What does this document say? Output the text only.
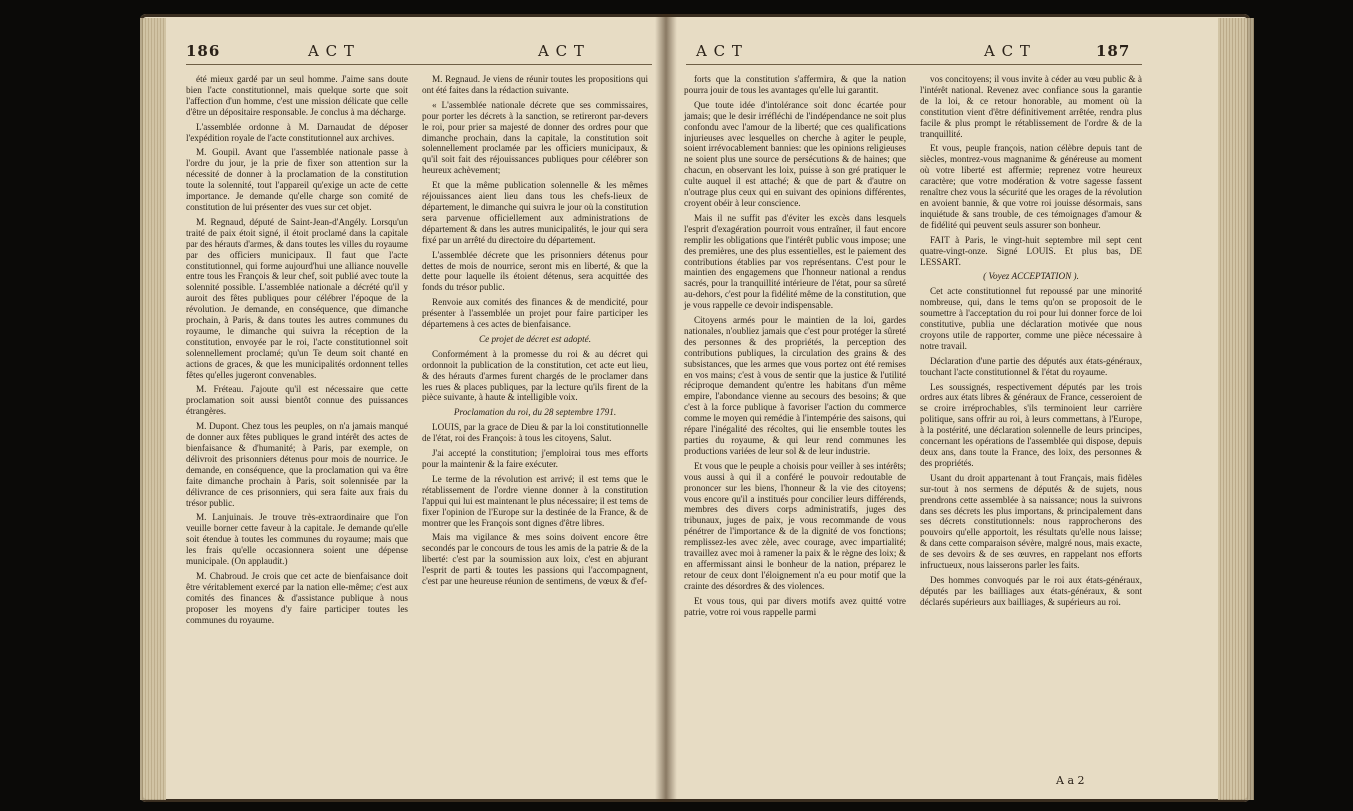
186	A C T	A C T

été mieux gardé par un seul homme. J'aime sans doute bien l'acte constitutionnel, mais quelque sorte que soit l'affection d'un homme, c'est une mission délicate que celle d'être un dépositaire responsable. Je conclus à ma décharge.

L'assemblée ordonne à M. Darnaudat de déposer l'expédition royale de l'acte constitutionnel aux archives.

M. Goupil. Avant que l'assemblée nationale passe à l'ordre du jour, je la prie de fixer son attention sur la nécessité de donner à la proclamation de la constitution toute la solennité, tout l'appareil qu'exige un acte de cette importance. Je demande qu'elle charge son comité de constitution de lui présenter des vues sur cet objet.

M. Regnaud, député de Saint-Jean-d'Angély. Lorsqu'un traité de paix étoit signé, il étoit proclamé dans la capitale par des hérauts d'armes, & dans toutes les villes du royaume par des officiers municipaux. Il faut que l'acte constitutionnel, qui forme aujourd'hui une alliance nouvelle entre tous les François & leur chef, soit publié avec toute la solennité possible. L'assemblée nationale a décrété qu'il y auroit des fêtes publiques pour célébrer l'époque de la révolution. Je demande, en conséquence, que dimanche prochain, à Paris, & dans toutes les autres communes du royaume, le dimanche qui suivra la réception de la constitution, envoyée par le roi, l'acte constitutionnel soit solennellement proclamé; qu'un Te deum soit chanté en actions de graces, & que les municipalités ordonnent telles fêtes qu'elles jugeront convenables.

M. Fréteau. J'ajoute qu'il est nécessaire que cette proclamation soit aussi bientôt connue des puissances étrangères.

M. Dupont. Chez tous les peuples, on n'a jamais manqué de donner aux fêtes publiques le grand intérêt des actes de bienfaisance & d'humanité; à Paris, par exemple, on délivroit des prisonniers détenus pour mois de nourrice. Je demande, en conséquence, que la proclamation qui va être faite dimanche prochain à Paris, soit solennisée par la délivrance de ces prisonniers, qui sera faite aux frais du trésor public.

M. Lanjuinais. Je trouve très-extraordinaire que l'on veuille borner cette faveur à la capitale. Je demande qu'elle soit étendue à toutes les communes du royaume; mais que les frais qu'elle occasionnera soient une dépense municipale. (On applaudit.)

M. Chabroud. Je crois que cet acte de bienfaisance doit être véritablement exercé par la nation elle-même; c'est aux comités des finances & d'assistance publique à nous proposer les moyens d'y faire participer toutes les communes du royaume.

M. Regnaud. Je viens de réunir toutes les propositions qui ont été faites dans la rédaction suivante.

« L'assemblée nationale décrete que ses commissaires, pour porter les décrets à la sanction, se retireront par-devers le roi, pour prier sa majesté de donner des ordres pour que dimanche prochain, dans la capitale, la constitution soit solennellement proclamée par les officiers municipaux, & qu'il soit fait des réjouissances publiques pour célébrer son heureux achèvement;

Et que la même publication solennelle & les mêmes réjouissances aient lieu dans tous les chefs-lieux de département, le dimanche qui suivra le jour où la constitution sera parvenue officiellement aux administrations de département & dans les autres municipalités, le jour qui sera fixé par un arrêté du directoire du département.

L'assemblée décrete que les prisonniers détenus pour dettes de mois de nourrice, seront mis en liberté, & que la dette pour laquelle ils étoient détenus, sera acquittée des fonds du trésor public.

Renvoie aux comités des finances & de mendicité, pour présenter à l'assemblée un projet pour faire participer les départemens à ces actes de bienfaisance.

Ce projet de décret est adopté.

Conformément à la promesse du roi & au décret qui ordonnoit la publication de la constitution, cet acte eut lieu, & des hérauts d'armes furent chargés de le proclamer dans les rues & places publiques, par la lecture qu'ils firent de la pièce suivante, à haute & intelligible voix.

Proclamation du roi, du 28 septembre 1791.

LOUIS, par la grace de Dieu & par la loi constitutionnelle de l'état, roi des François: à tous les citoyens, Salut.

J'ai accepté la constitution; j'emploirai tous mes efforts pour la maintenir & la faire exécuter.

Le terme de la révolution est arrivé; il est tems que le rétablissement de l'ordre vienne donner à la constitution l'appui qui lui est maintenant le plus nécessaire; il est tems de fixer l'opinion de l'Europe sur la destinée de la France, & de montrer que les François sont dignes d'être libres.

Mais ma vigilance & mes soins doivent encore être secondés par le concours de tous les amis de la patrie & de la liberté: c'est par la soumission aux loix, c'est en abjurant l'esprit de parti & toutes les passions qui l'accompagnent, c'est par une heureuse réunion de sentimens, de vœux & d'ef-

A C T	A C T	187

forts que la constitution s'affermira, & que la nation pourra jouir de tous les avantages qu'elle lui garantit.

Que toute idée d'intolérance soit donc écartée pour jamais; que le desir irréfléchi de l'indépendance ne soit plus confondu avec l'amour de la liberté; que ces qualifications injurieuses avec lesquelles on cherche à agiter le peuple, soient irrévocablement bannies: que les opinions religieuses ne soient plus une source de persécutions & de haines; que chacun, en observant les loix, puisse à son gré pratiquer le culte auquel il est attaché; & que de part & d'autre on n'outrage plus ceux qui en suivant des opinions différentes, croyent obéir à leur conscience.

Mais il ne suffit pas d'éviter les excès dans lesquels l'esprit d'exagération pourroit vous entraîner, il faut encore remplir les obligations que l'intérêt public vous impose; une des premières, une des plus essentielles, est le paiement des contributions établies par vos représentans. C'est pour le maintien des engagemens que l'honneur national a rendus sacrés, pour la tranquillité intérieure de l'état, pour sa sûreté au-dehors, c'est pour la fidélité même de la constitution, que je vous rappelle ce devoir indispensable.

Citoyens armés pour le maintien de la loi, gardes nationales, n'oubliez jamais que c'est pour protéger la sûreté des personnes & des propriétés, la perception des contributions publiques, la circulation des grains & des subsistances, que les armes que vous portez ont été remises en vos mains; c'est à vous de sentir que la justice & l'utilité réciproque demandent qu'entre les habitans d'un même empire, l'abondance vienne au secours des besoins; & que c'est à la force publique à favoriser l'action du commerce comme le moyen qui remédie à l'intempérie des saisons, qui répare l'inégalité des récoltes, qui lie ensemble toutes les parties du royaume, & qui leur rend communes les productions variées de leur sol & de leur industrie.

Et vous que le peuple a choisis pour veiller à ses intérêts; vous aussi à qui il a conféré le pouvoir redoutable de prononcer sur les biens, l'honneur & la vie des citoyens; vous encore qu'il a institués pour concilier leurs différends, membres des divers corps administratifs, juges des tribunaux, juges de paix, je vous recommande de vous pénétrer de l'importance & de la dignité de vos fonctions; remplissez-les avec zèle, avec courage, avec impartialité; travaillez avec moi à ramener la paix & le règne des loix; & en affermissant ainsi le bonheur de la nation, préparez le retour de ceux dont l'éloignement n'a eu pour motif que la crainte des désordres & des violences.

Et vous tous, qui par divers motifs avez quitté votre patrie, votre roi vous rappelle parmi

vos concitoyens; il vous invite à céder au vœu public & à l'intérêt national. Revenez avec confiance sous la garantie de la loi, & ce retour honorable, au moment où la constitution vient d'être définitivement arrêtée, rendra plus facile & plus prompt le rétablissement de l'ordre & de la tranquillité.

Et vous, peuple françois, nation célèbre depuis tant de siècles, montrez-vous magnanime & généreuse au moment où votre liberté est affermie; reprenez votre heureux caractère; que votre modération & votre sagesse fassent renaître chez vous la sécurité que les orages de la révolution en avoient bannie, & que votre roi jouisse désormais, sans inquiétude & sans trouble, de ces témoignages d'amour & de fidélité qui peuvent seuls assurer son bonheur.

FAIT à Paris, le vingt-huit septembre mil sept cent quatre-vingt-onze. Signé LOUIS. Et plus bas, DE LESSART.

( Voyez ACCEPTATION ).

Cet acte constitutionnel fut repoussé par une minorité nombreuse, qui, dans le tems qu'on se proposoit de le soumettre à l'acceptation du roi pour lui donner force de loi constitutive, publia une déclaration motivée que nous croyons utile de rapporter, comme une pièce nécessaire à notre travail.

Déclaration d'une partie des députés aux états-généraux, touchant l'acte constitutionnel & l'état du royaume.

Les soussignés, respectivement députés par les trois ordres aux états libres & généraux de France, cesseroient de se croire irréprochables, s'ils terminoient leur carrière politique, sans offrir au roi, à leurs commettans, à l'Europe, à la postérité, une déclaration solennelle de leurs principes, concernant les opérations de l'assemblée qui dispose, depuis deux ans, dans toute la France, des loix, des personnes & des propriétés.

Usant du droit appartenant à tout Français, mais fidèles sur-tout à nos sermens de députés & de sujets, nous prendrons cette assemblée à sa naissance; nous la suivrons dans ses décrets les plus importans, & principalement dans ses décrets constitutionnels: nous rapprocherons des pouvoirs qu'elle apportoit, les résultats qu'elle nous laisse; & dans cette comparaison sévère, malgré nous, mais exacte, de ses devoirs & de ses œuvres, en rappelant nos efforts infructueux, nous laisserons parler les faits.

Des hommes convoqués par le roi aux états-généraux, députés par les bailliages aux états-généraux, & sont déclarés supérieurs aux bailliages, & supérieurs au roi.

A a 2
